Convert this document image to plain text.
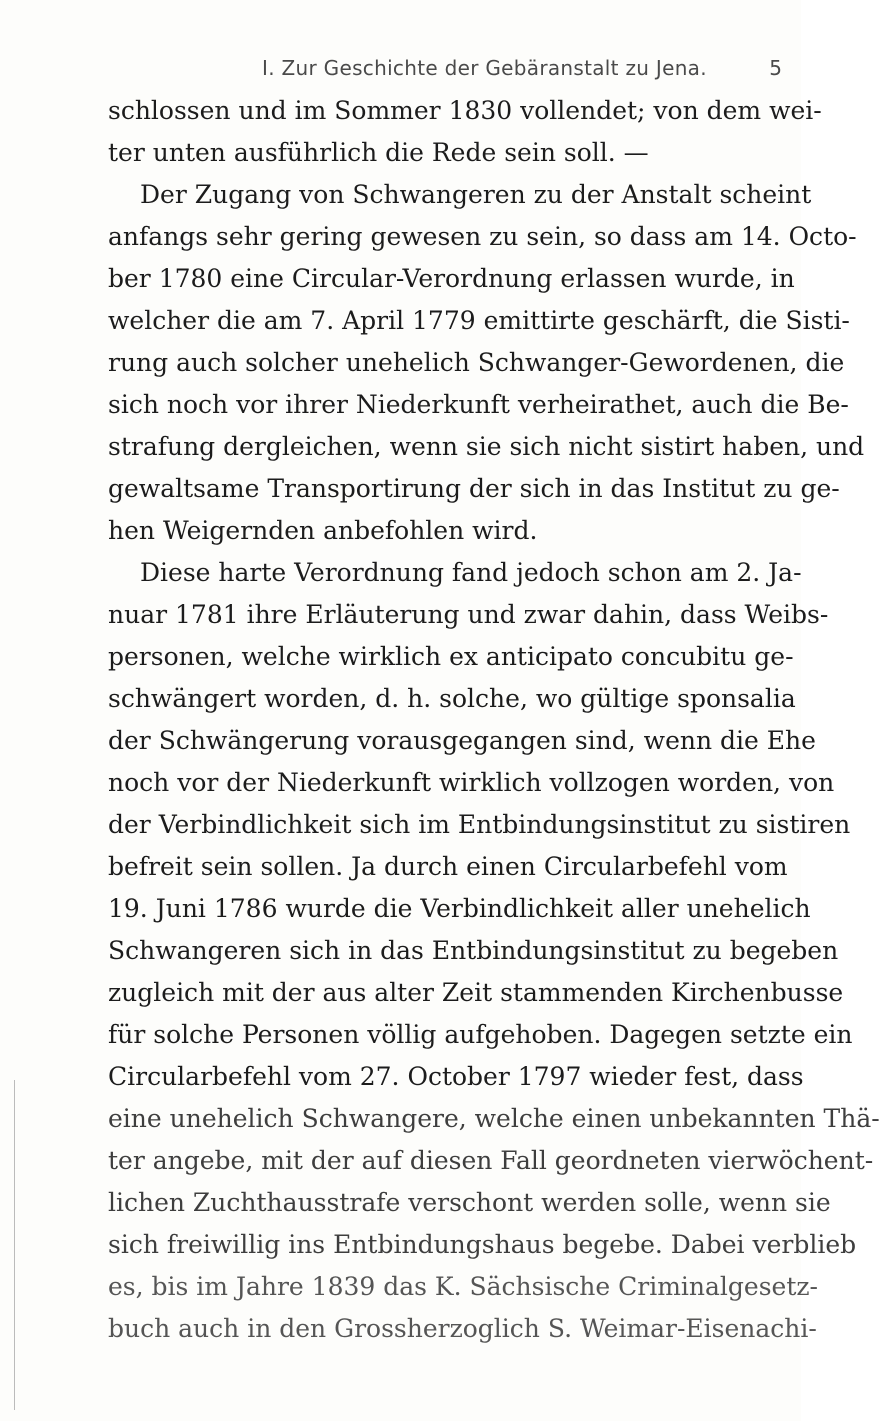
I. Zur Geschichte der Gebäranstalt zu Jena.	5
schlossen und im Sommer 1830 vollendet; von dem wei-
ter unten ausführlich die Rede sein soll. —
Der Zugang von Schwangeren zu der Anstalt scheint
anfangs sehr gering gewesen zu sein, so dass am 14. Octo-
ber 1780 eine Circular-Verordnung erlassen wurde, in
welcher die am 7. April 1779 emittirte geschärft, die Sisti-
rung auch solcher unehelich Schwanger-Gewordenen, die
sich noch vor ihrer Niederkunft verheirathet, auch die Be-
strafung dergleichen, wenn sie sich nicht sistirt haben, und
gewaltsame Transportirung der sich in das Institut zu ge-
hen Weigernden anbefohlen wird.
Diese harte Verordnung fand jedoch schon am 2. Ja-
nuar 1781 ihre Erläuterung und zwar dahin, dass Weibs-
personen, welche wirklich ex anticipato concubitu ge-
schwängert worden, d. h. solche, wo gültige sponsalia
der Schwängerung vorausgegangen sind, wenn die Ehe
noch vor der Niederkunft wirklich vollzogen worden, von
der Verbindlichkeit sich im Entbindungsinstitut zu sistiren
befreit sein sollen. Ja durch einen Circularbefehl vom
19. Juni 1786 wurde die Verbindlichkeit aller unehelich
Schwangeren sich in das Entbindungsinstitut zu begeben
zugleich mit der aus alter Zeit stammenden Kirchenbusse
für solche Personen völlig aufgehoben. Dagegen setzte ein
Circularbefehl vom 27. October 1797 wieder fest, dass
eine unehelich Schwangere, welche einen unbekannten Thä-
ter angebe, mit der auf diesen Fall geordneten vierwöchent-
lichen Zuchthausstrafe verschont werden solle, wenn sie
sich freiwillig ins Entbindungshaus begebe. Dabei verblieb
es, bis im Jahre 1839 das K. Sächsische Criminalgesetz-
buch auch in den Grossherzoglich S. Weimar-Eisenachi-
